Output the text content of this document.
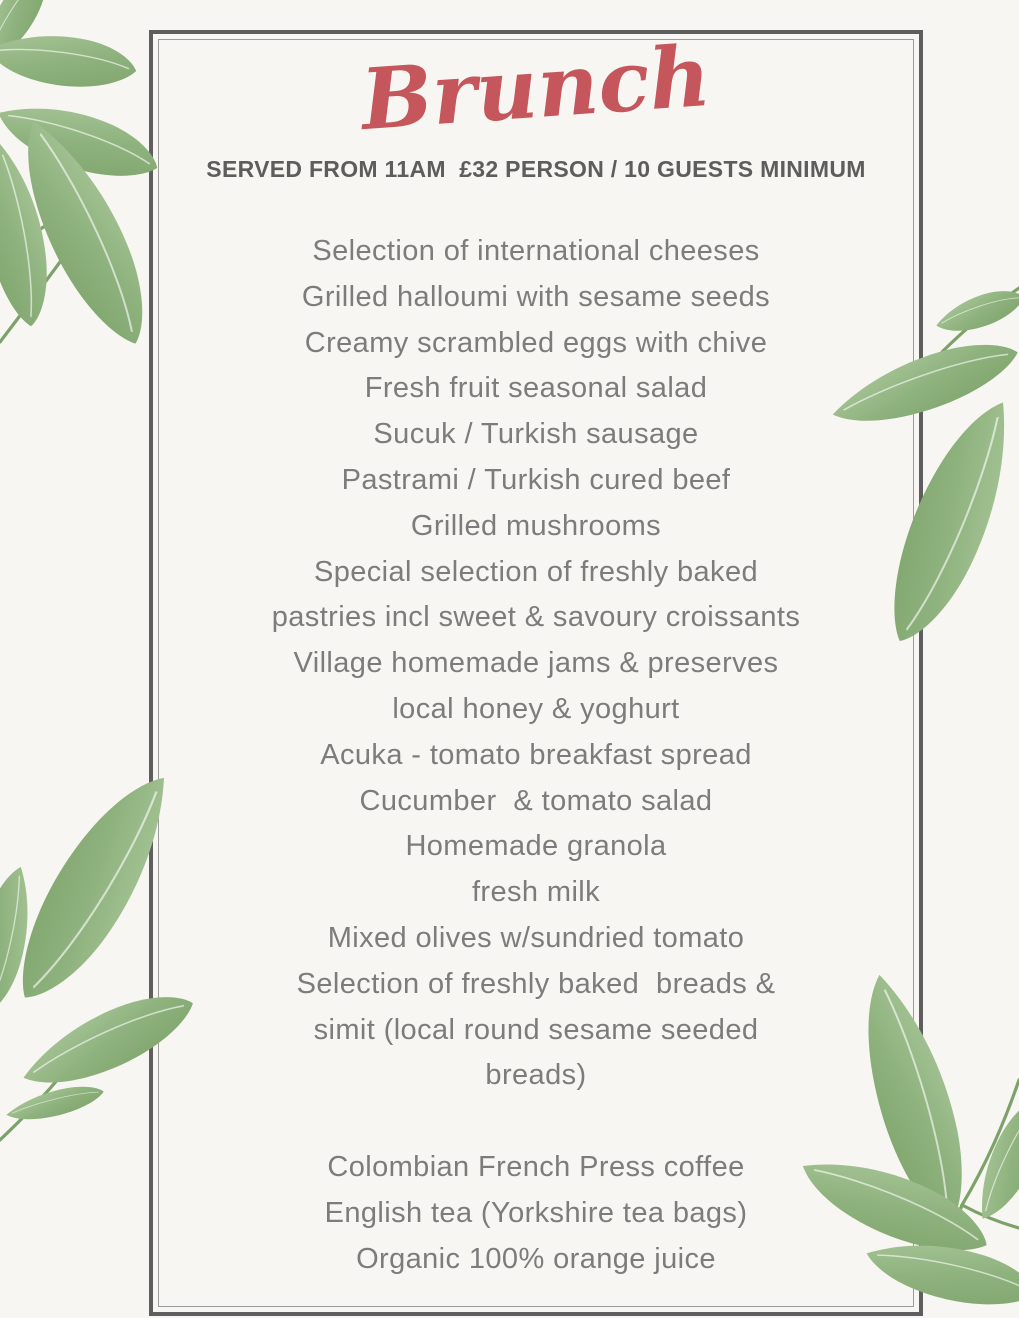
Brunch
SERVED FROM 11AM  £32 PERSON / 10 GUESTS MINIMUM
Selection of international cheeses
Grilled halloumi with sesame seeds
Creamy scrambled eggs with chive
Fresh fruit seasonal salad
Sucuk / Turkish sausage
Pastrami / Turkish cured beef
Grilled mushrooms
Special selection of freshly baked
pastries incl sweet & savoury croissants
Village homemade jams & preserves
local honey & yoghurt
Acuka - tomato breakfast spread
Cucumber  & tomato salad
Homemade granola
fresh milk
Mixed olives w/sundried tomato
Selection of freshly baked  breads &
simit (local round sesame seeded
breads)
Colombian French Press coffee
English tea (Yorkshire tea bags)
Organic 100% orange juice
